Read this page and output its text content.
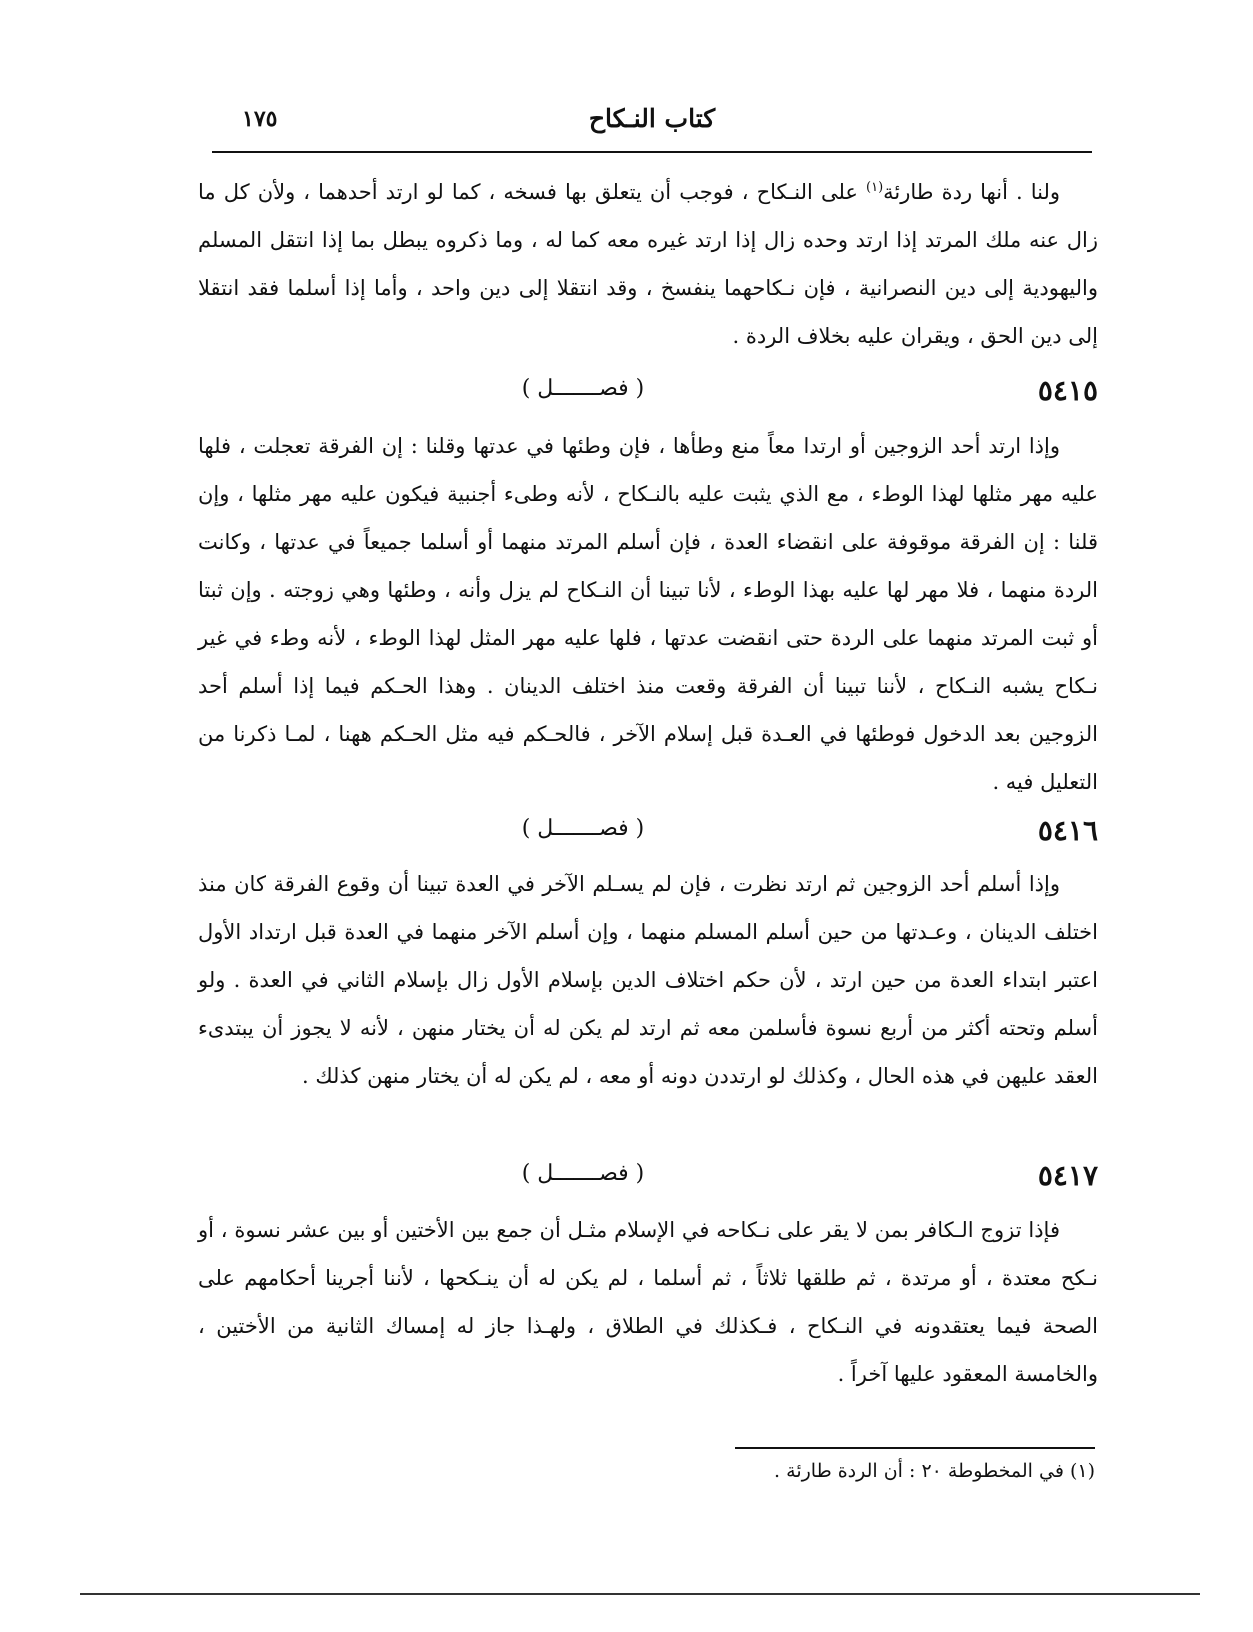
١٧٥	كتاب النـكاح

ولنا . أنها ردة طارئة$^{(١)}$ على النـكاح ، فوجب أن يتعلق بها فسخه ، كما لو ارتد أحدهما ، ولأن كل ما زال عنه ملك المرتد إذا ارتد وحده زال إذا ارتد غيره معه كما له ، وما ذكروه يبطل بما إذا انتقل المسلم واليهودية إلى دين النصرانية ، فإن نـكاحهما ينفسخ ، وقد انتقلا إلى دين واحد ، وأما إذا أسلما فقد انتقلا إلى دين الحق ، ويقران عليه بخلاف الردة .

٥٤١٥
( فصـــــــل )

وإذا ارتد أحد الزوجين أو ارتدا معاً منع وطأها ، فإن وطئها في عدتها وقلنا : إن الفرقة تعجلت ، فلها عليه مهر مثلها لهذا الوطء ، مع الذي يثبت عليه بالنـكاح ، لأنه وطىء أجنبية فيكون عليه مهر مثلها ، وإن قلنا : إن الفرقة موقوفة على انقضاء العدة ، فإن أسلم المرتد منهما أو أسلما جميعاً في عدتها ، وكانت الردة منهما ، فلا مهر لها عليه بهذا الوطء ، لأنا تبينا أن النـكاح لم يزل وأنه ، وطئها وهي زوجته . وإن ثبتا أو ثبت المرتد منهما على الردة حتى انقضت عدتها ، فلها عليه مهر المثل لهذا الوطء ، لأنه وطء في غير نـكاح يشبه النـكاح ، لأننا تبينا أن الفرقة وقعت منذ اختلف الدينان . وهذا الحـكم فيما إذا أسلم أحد الزوجين بعد الدخول فوطئها في العـدة قبل إسلام الآخر ، فالحـكم فيه مثل الحـكم ههنا ، لمـا ذكرنا من التعليل فيه .

٥٤١٦
( فصـــــــل )

وإذا أسلم أحد الزوجين ثم ارتد نظرت ، فإن لم يسـلم الآخر في العدة تبينا أن وقوع الفرقة كان منذ اختلف الدينان ، وعـدتها من حين أسلم المسلم منهما ، وإن أسلم الآخر منهما في العدة قبل ارتداد الأول اعتبر ابتداء العدة من حين ارتد ، لأن حكم اختلاف الدين بإسلام الأول زال بإسلام الثاني في العدة . ولو أسلم وتحته أكثر من أربع نسوة فأسلمن معه ثم ارتد لم يكن له أن يختار منهن ، لأنه لا يجوز أن يبتدىء العقد عليهن في هذه الحال ، وكذلك لو ارتددن دونه أو معه ، لم يكن له أن يختار منهن كذلك .

٥٤١٧
( فصـــــــل )

فإذا تزوج الـكافر بمن لا يقر على نـكاحه في الإسلام مثـل أن جمع بين الأختين أو بين عشر نسوة ، أو نـكح معتدة ، أو مرتدة ، ثم طلقها ثلاثاً ، ثم أسلما ، لم يكن له أن ينـكحها ، لأننا أجرينا أحكامهم على الصحة فيما يعتقدونه في النـكاح ، فـكذلك في الطلاق ، ولهـذا جاز له إمساك الثانية من الأختين ، والخامسة المعقود عليها آخراً .

(١) في المخطوطة ٢٠ : أن الردة طارئة .
